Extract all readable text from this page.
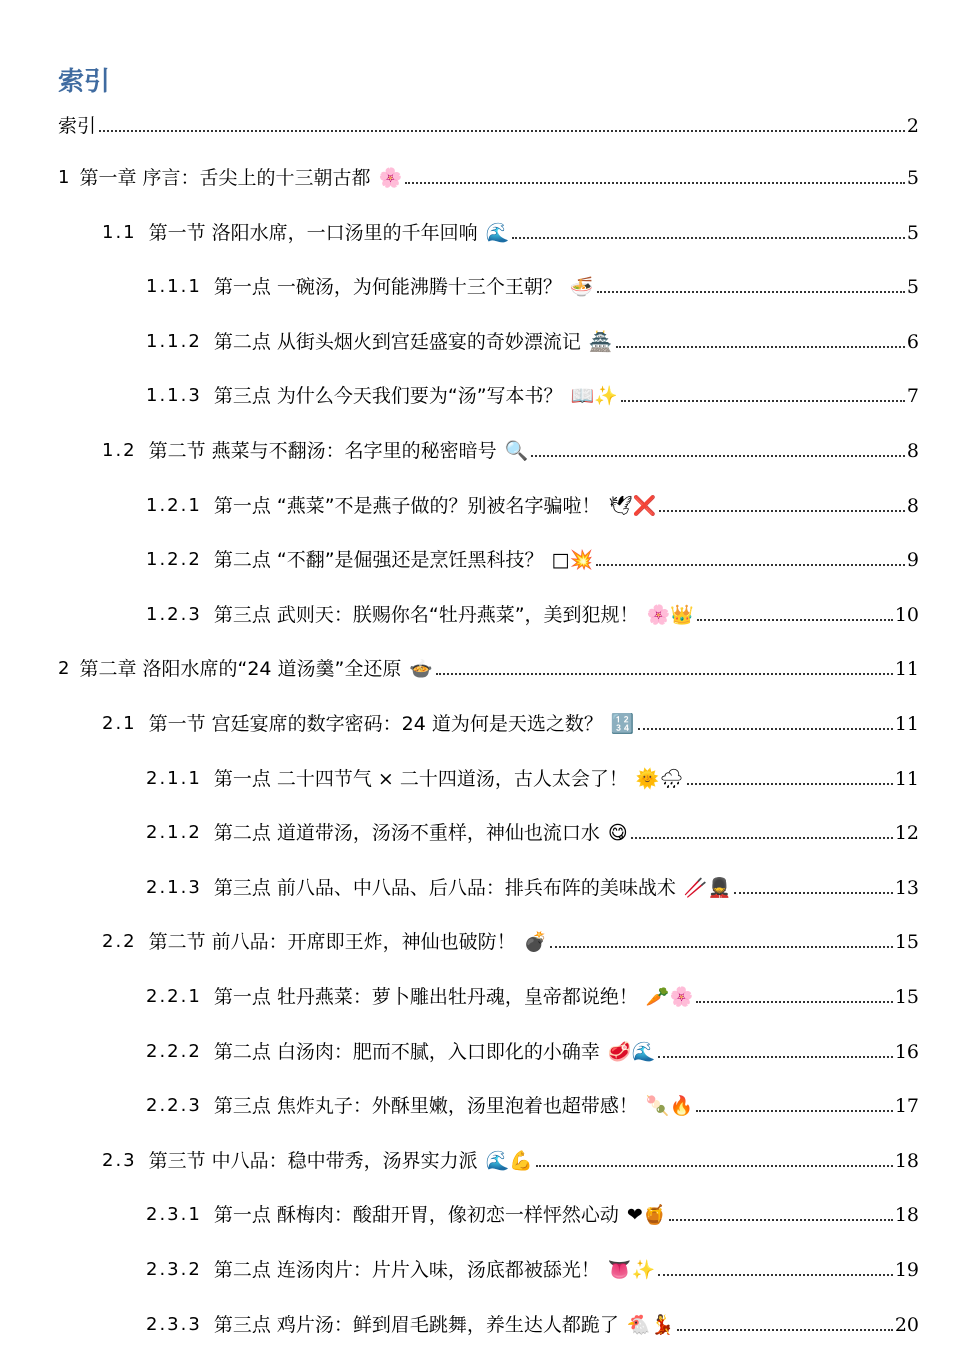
索引
索引	2
1 第一章 序言：舌尖上的十三朝古都 🌸	5
1.1 第一节 洛阳水席，一口汤里的千年回响 🌊	5
1.1.1 第一点 一碗汤，为何能沸腾十三个王朝？ 🍜	5
1.1.2 第二点 从街头烟火到宫廷盛宴的奇妙漂流记 🏯	6
1.1.3 第三点 为什么今天我们要为“汤”写本书？ 📖✨	7
1.2 第二节 燕菜与不翻汤：名字里的秘密暗号 🔍	8
1.2.1 第一点 “燕菜”不是燕子做的？别被名字骗啦！ 🕊❌	8
1.2.2 第二点 “不翻”是倔强还是烹饪黑科技？ □💥	9
1.2.3 第三点 武则天：朕赐你名“牡丹燕菜”，美到犯规！ 🌸👑	10
2 第二章 洛阳水席的“24 道汤羹”全还原 🍲	11
2.1 第一节 宫廷宴席的数字密码：24 道为何是天选之数？ 🔢	11
2.1.1 第一点 二十四节气 × 二十四道汤，古人太会了！ 🌞🌧	11
2.1.2 第二点 道道带汤，汤汤不重样，神仙也流口水 😋	12
2.1.3 第三点 前八品、中八品、后八品：排兵布阵的美味战术 🥢💂	13
2.2 第二节 前八品：开席即王炸，神仙也破防！ 💣	15
2.2.1 第一点 牡丹燕菜：萝卜雕出牡丹魂，皇帝都说绝！ 🥕🌸	15
2.2.2 第二点 白汤肉：肥而不腻，入口即化的小确幸 🥩🌊	16
2.2.3 第三点 焦炸丸子：外酥里嫩，汤里泡着也超带感！ 🍡🔥	17
2.3 第三节 中八品：稳中带秀，汤界实力派 🌊💪	18
2.3.1 第一点 酥梅肉：酸甜开胃，像初恋一样怦然心动 ❤🍯	18
2.3.2 第二点 连汤肉片：片片入味，汤底都被舔光！ 👅✨	19
2.3.3 第三点 鸡片汤：鲜到眉毛跳舞，养生达人都跪了 🐔💃	20
